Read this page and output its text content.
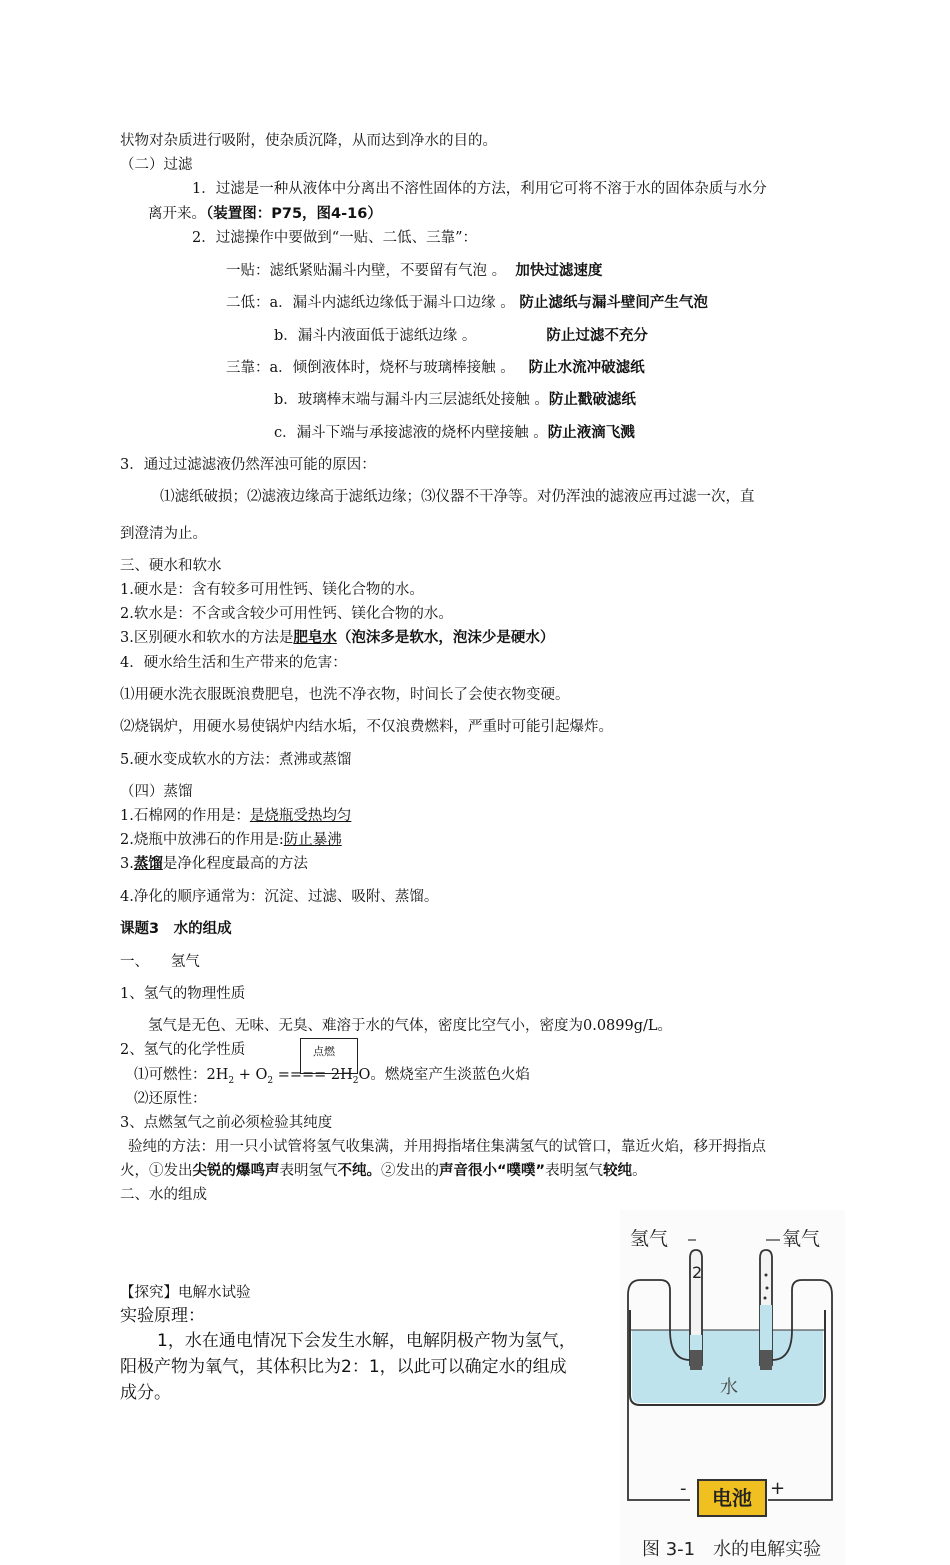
状物对杂质进行吸附，使杂质沉降，从而达到净水的目的。
（二）过滤
1．过滤是一种从液体中分离出不溶性固体的方法，利用它可将不溶于水的固体杂质与水分
离开来。（装置图：P75，图4-16）
2．过滤操作中要做到“一贴、二低、三靠”：
一贴：滤纸紧贴漏斗内壁，不要留有气泡 。 加快过滤速度
二低：a．漏斗内滤纸边缘低于漏斗口边缘 。 防止滤纸与漏斗壁间产生气泡
b．漏斗内液面低于滤纸边缘 。	防止过滤不充分
三靠：a．倾倒液体时，烧杯与玻璃棒接触 。 防止水流冲破滤纸
b．玻璃棒末端与漏斗内三层滤纸处接触 。防止戳破滤纸
c．漏斗下端与承接滤液的烧杯内壁接触 。防止液滴飞溅
3．通过过滤滤液仍然浑浊可能的原因：
⑴滤纸破损；⑵滤液边缘高于滤纸边缘；⑶仪器不干净等。对仍浑浊的滤液应再过滤一次，直
到澄清为止。
三、硬水和软水
1.硬水是：含有较多可用性钙、镁化合物的水。
2.软水是：不含或含较少可用性钙、镁化合物的水。
3.区别硬水和软水的方法是肥皂水（泡沫多是软水，泡沫少是硬水）
4．硬水给生活和生产带来的危害：
⑴用硬水洗衣服既浪费肥皂，也洗不净衣物，时间长了会使衣物变硬。
⑵烧锅炉，用硬水易使锅炉内结水垢，不仅浪费燃料，严重时可能引起爆炸。
5.硬水变成软水的方法：煮沸或蒸馏
（四）蒸馏
1.石棉网的作用是：是烧瓶受热均匀
2.烧瓶中放沸石的作用是:防止暴沸
3.蒸馏是净化程度最高的方法
4.净化的顺序通常为：沉淀、过滤、吸附、蒸馏。
课题3　水的组成
一、　　氢气
1、氢气的物理性质
氢气是无色、无味、无臭、难溶于水的气体，密度比空气小，密度为0.0899g/L。
2、氢气的化学性质	点燃
⑴可燃性：$2H_2 + O_2$ ==== $2H_2O$。燃烧室产生淡蓝色火焰
⑵还原性：
3、点燃氢气之前必须检验其纯度
验纯的方法：用一只小试管将氢气收集满，并用拇指堵住集满氢气的试管口，靠近火焰，移开拇指点
火，①发出尖锐的爆鸣声表明氢气不纯。②发出的声音很小“噗噗”表明氢气较纯。
二、水的组成
【探究】电解水试验
实验原理：
1，水在通电情况下会发生水解，电解阴极产物为氢气，
阳极产物为氧气，其体积比为2：1，以此可以确定水的组成
成分。
氢气	氧气
2
水
电池
-	+
图 3-1　水的电解实验
